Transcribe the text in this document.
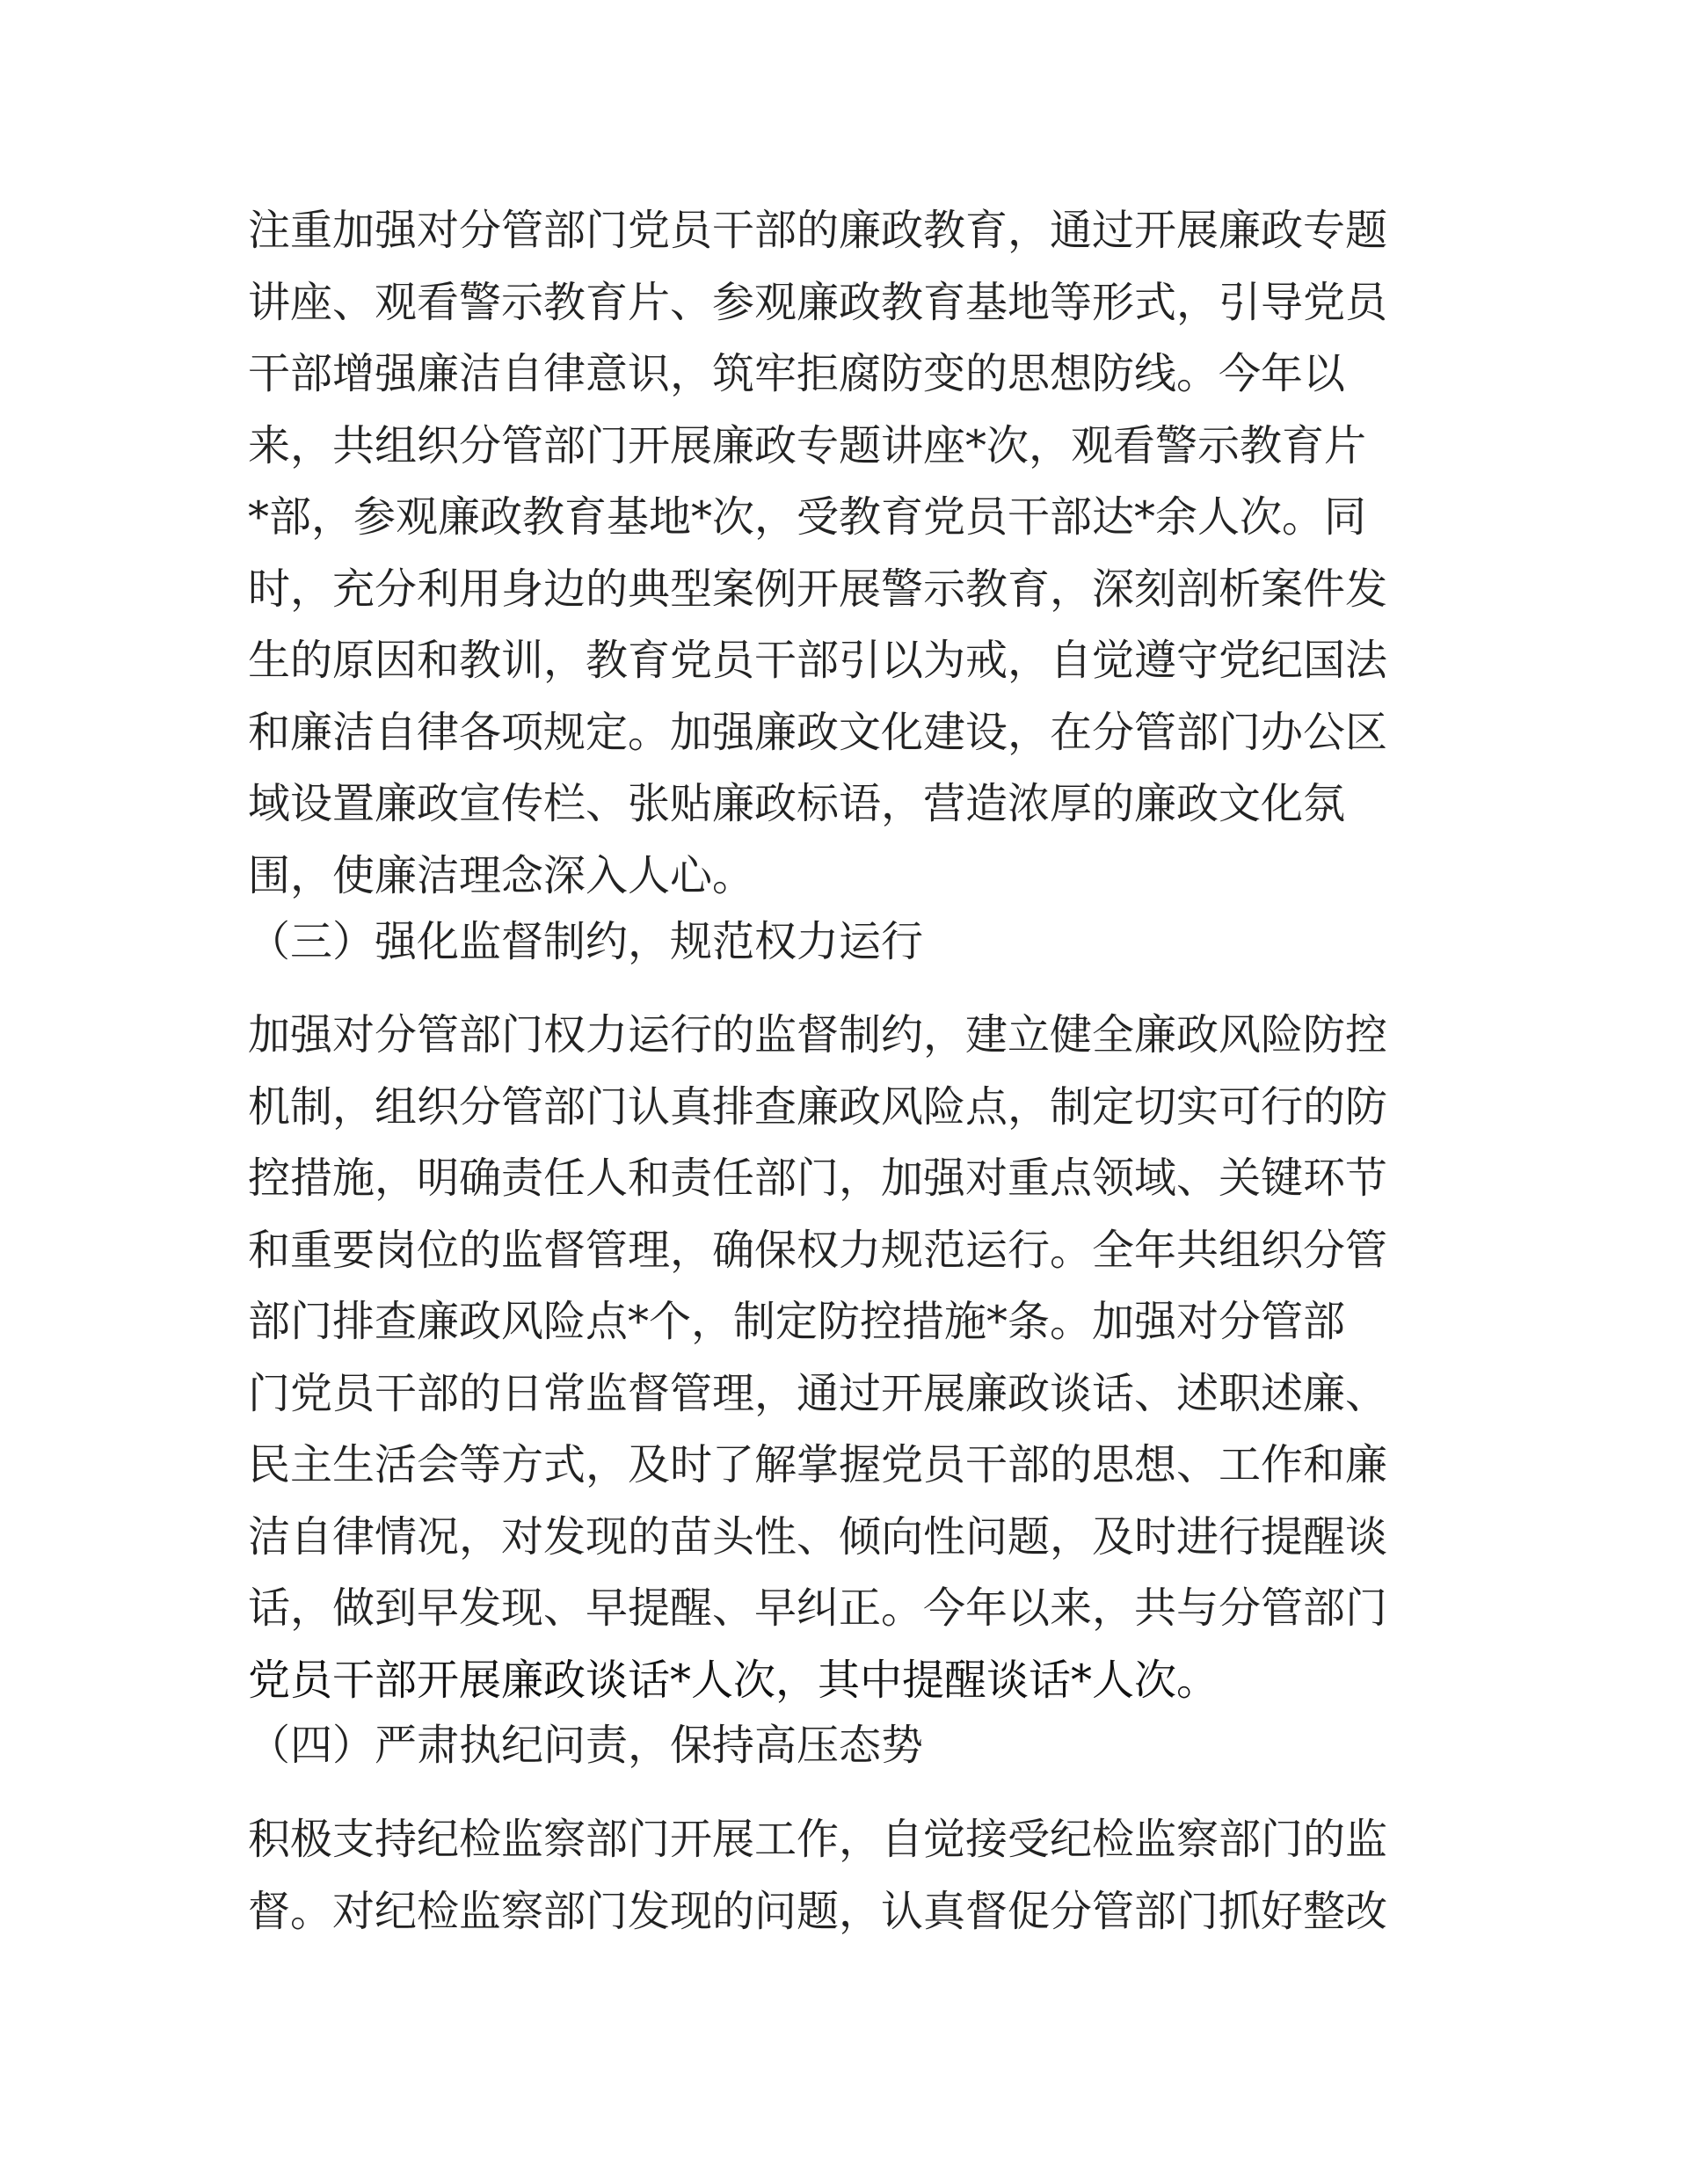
注重加强对分管部门党员干部的廉政教育，通过开展廉政专题
讲座、观看警示教育片、参观廉政教育基地等形式，引导党员
干部增强廉洁自律意识，筑牢拒腐防变的思想防线。今年以
来，共组织分管部门开展廉政专题讲座*次，观看警示教育片
*部，参观廉政教育基地*次，受教育党员干部达*余人次。同
时，充分利用身边的典型案例开展警示教育，深刻剖析案件发
生的原因和教训，教育党员干部引以为戒，自觉遵守党纪国法
和廉洁自律各项规定。加强廉政文化建设，在分管部门办公区
域设置廉政宣传栏、张贴廉政标语，营造浓厚的廉政文化氛
围，使廉洁理念深入人心。
（三）强化监督制约，规范权力运行
加强对分管部门权力运行的监督制约，建立健全廉政风险防控
机制，组织分管部门认真排查廉政风险点，制定切实可行的防
控措施，明确责任人和责任部门，加强对重点领域、关键环节
和重要岗位的监督管理，确保权力规范运行。全年共组织分管
部门排查廉政风险点*个，制定防控措施*条。加强对分管部
门党员干部的日常监督管理，通过开展廉政谈话、述职述廉、
民主生活会等方式，及时了解掌握党员干部的思想、工作和廉
洁自律情况，对发现的苗头性、倾向性问题，及时进行提醒谈
话，做到早发现、早提醒、早纠正。今年以来，共与分管部门
党员干部开展廉政谈话*人次，其中提醒谈话*人次。
（四）严肃执纪问责，保持高压态势
积极支持纪检监察部门开展工作，自觉接受纪检监察部门的监
督。对纪检监察部门发现的问题，认真督促分管部门抓好整改
